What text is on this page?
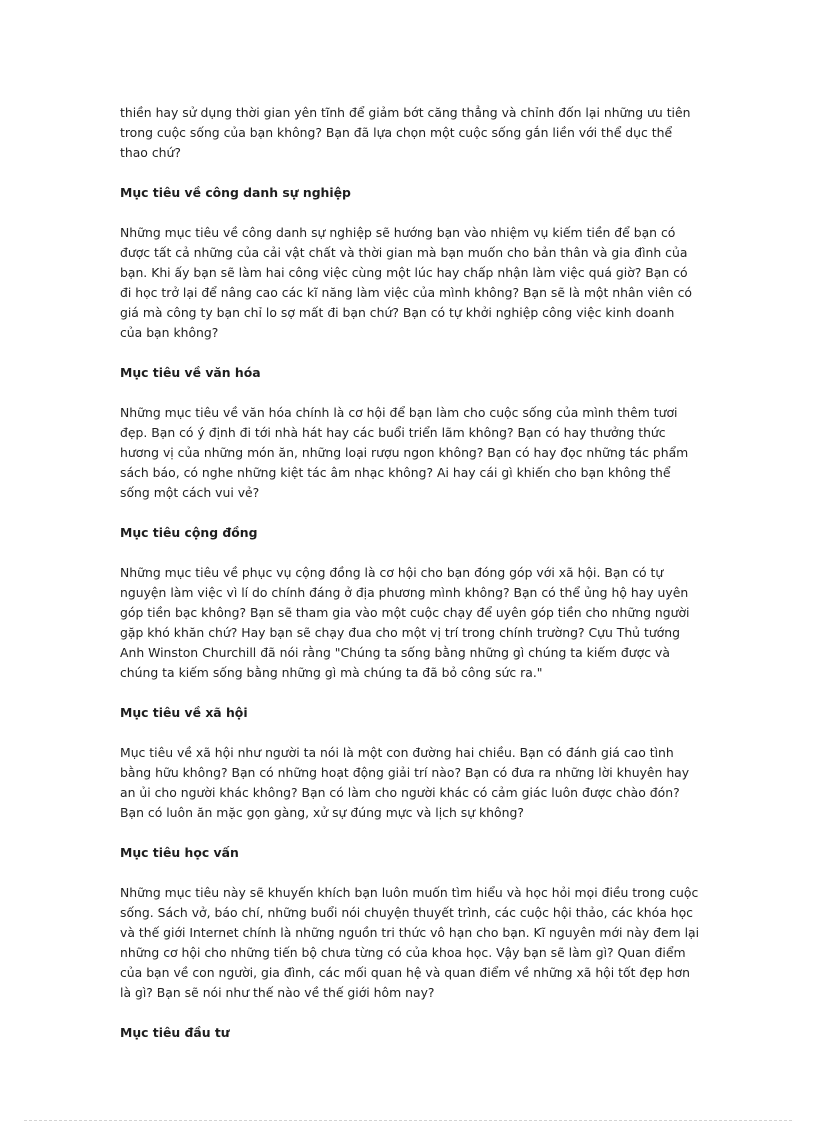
thiền hay sử dụng thời gian yên tĩnh để giảm bớt căng thẳng và chỉnh đốn lại những ưu tiên trong cuộc sống của bạn không? Bạn đã lựa chọn một cuộc sống gắn liền với thể dục thể thao chứ?

Mục tiêu về công danh sự nghiệp

Những mục tiêu về công danh sự nghiệp sẽ hướng bạn vào nhiệm vụ kiếm tiền để bạn có được tất cả những của cải vật chất và thời gian mà bạn muốn cho bản thân và gia đình của bạn. Khi ấy bạn sẽ làm hai công việc cùng một lúc hay chấp nhận làm việc quá giờ? Bạn có đi học trở lại để nâng cao các kĩ năng làm việc của mình không? Bạn sẽ là một nhân viên có giá mà công ty bạn chỉ lo sợ mất đi bạn chứ? Bạn có tự khởi nghiệp công việc kinh doanh của bạn không?

Mục tiêu về văn hóa

Những mục tiêu về văn hóa chính là cơ hội để bạn làm cho cuộc sống của mình thêm tươi đẹp. Bạn có ý định đi tới nhà hát hay các buổi triển lãm không? Bạn có hay thưởng thức hương vị của những món ăn, những loại rượu ngon không? Bạn có hay đọc những tác phẩm sách báo, có nghe những kiệt tác âm nhạc không? Ai hay cái gì khiến cho bạn không thể sống một cách vui vẻ?

Mục tiêu cộng đồng

Những mục tiêu về phục vụ cộng đồng là cơ hội cho bạn đóng góp với xã hội. Bạn có tự nguyện làm việc vì lí do chính đáng ở địa phương mình không? Bạn có thể ủng hộ hay uyên góp tiền bạc không? Bạn sẽ tham gia vào một cuộc chạy để uyên góp tiền cho những người gặp khó khăn chứ? Hay bạn sẽ chạy đua cho một vị trí trong chính trường? Cựu Thủ tướng Anh Winston Churchill đã nói rằng "Chúng ta sống bằng những gì chúng ta kiếm được và chúng ta kiếm sống bằng những gì mà chúng ta đã bỏ công sức ra."

Mục tiêu về xã hội

Mục tiêu về xã hội như người ta nói là một con đường hai chiều. Bạn có đánh giá cao tình bằng hữu không? Bạn có những hoạt động giải trí nào? Bạn có đưa ra những lời khuyên hay an ủi cho người khác không? Bạn có làm cho người khác có cảm giác luôn được chào đón? Bạn có luôn ăn mặc gọn gàng, xử sự đúng mực và lịch sự không?

Mục tiêu học vấn

Những mục tiêu này sẽ khuyến khích bạn luôn muốn tìm hiểu và học hỏi mọi điều trong cuộc sống. Sách vở, báo chí, những buổi nói chuyện thuyết trình, các cuộc hội thảo, các khóa học và thế giới Internet chính là những nguồn tri thức vô hạn cho bạn. Kĩ nguyên mới này đem lại những cơ hội cho những tiến bộ chưa từng có của khoa học. Vậy bạn sẽ làm gì? Quan điểm của bạn về con người, gia đình, các mối quan hệ và quan điểm về những xã hội tốt đẹp hơn là gì? Bạn sẽ nói như thế nào về thế giới hôm nay?

Mục tiêu đầu tư
